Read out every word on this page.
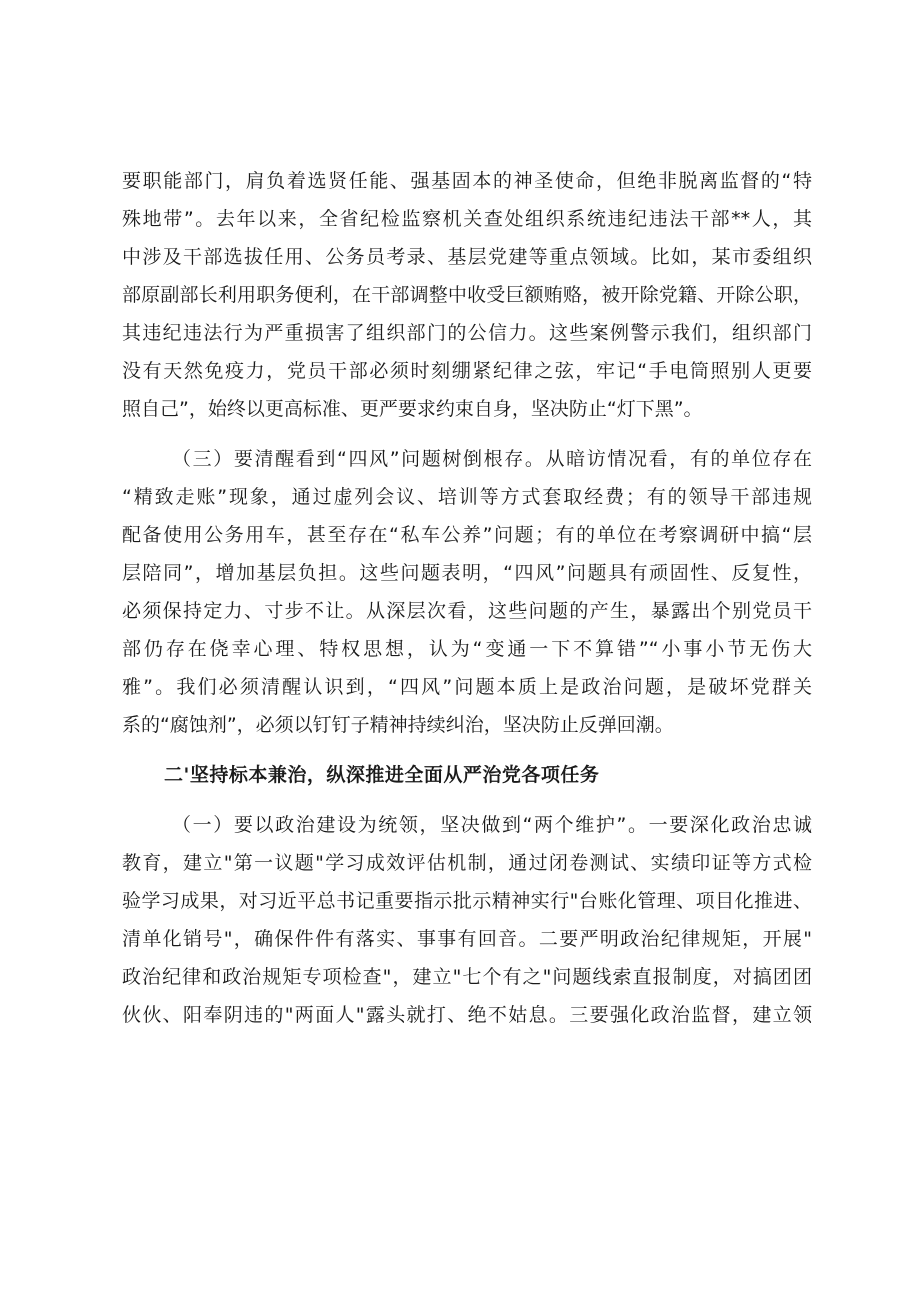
要职能部门，肩负着选贤任能、强基固本的神圣使命，但绝非脱离监督的“特
殊地带”。去年以来，全省纪检监察机关查处组织系统违纪违法干部**人，其
中涉及干部选拔任用、公务员考录、基层党建等重点领域。比如，某市委组织
部原副部长利用职务便利，在干部调整中收受巨额贿赂，被开除党籍、开除公职，
其违纪违法行为严重损害了组织部门的公信力。这些案例警示我们，组织部门
没有天然免疫力，党员干部必须时刻绷紧纪律之弦，牢记“手电筒照别人更要
照自己”，始终以更高标准、更严要求约束自身，坚决防止“灯下黑”。
（三）要清醒看到“四风”问题树倒根存。从暗访情况看，有的单位存在
“精致走账”现象，通过虚列会议、培训等方式套取经费；有的领导干部违规
配备使用公务用车，甚至存在“私车公养”问题；有的单位在考察调研中搞“层
层陪同”，增加基层负担。这些问题表明，“四风”问题具有顽固性、反复性，
必须保持定力、寸步不让。从深层次看，这些问题的产生，暴露出个别党员干
部仍存在侥幸心理、特权思想，认为“变通一下不算错”“小事小节无伤大
雅”。我们必须清醒认识到，“四风”问题本质上是政治问题，是破坏党群关
系的“腐蚀剂”，必须以钉钉子精神持续纠治，坚决防止反弹回潮。
二'坚持标本兼治，纵深推进全面从严治党各项任务
（一）要以政治建设为统领，坚决做到“两个维护”。一要深化政治忠诚
教育，建立"第一议题"学习成效评估机制，通过闭卷测试、实绩印证等方式检
验学习成果，对习近平总书记重要指示批示精神实行"台账化管理、项目化推进、
清单化销号"，确保件件有落实、事事有回音。二要严明政治纪律规矩，开展"
政治纪律和政治规矩专项检查"，建立"七个有之"问题线索直报制度，对搞团团
伙伙、阳奉阴违的"两面人"露头就打、绝不姑息。三要强化政治监督，建立领
